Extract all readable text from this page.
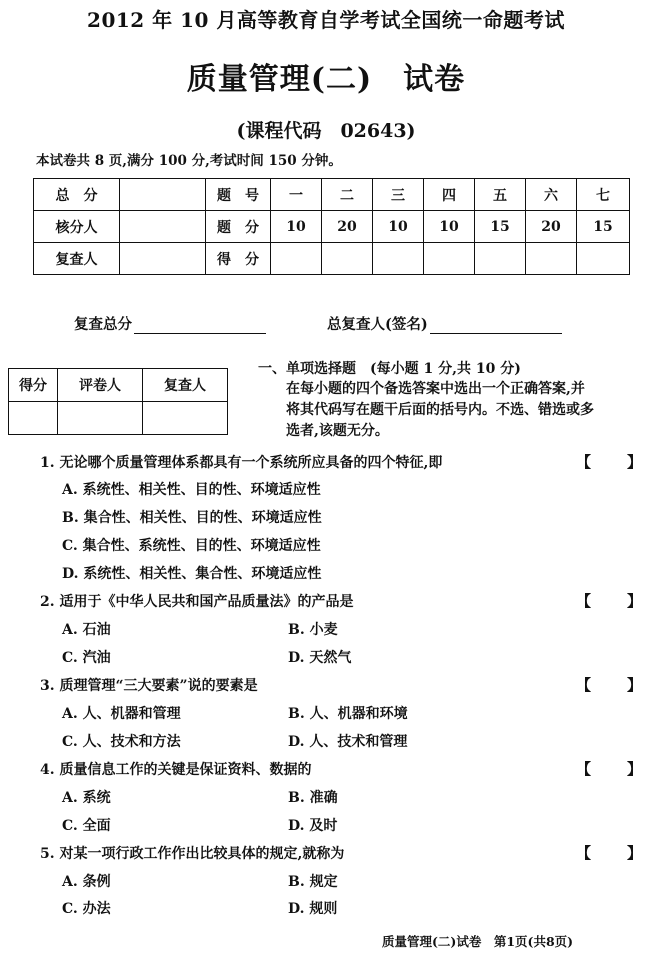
2012 年 10 月高等教育自学考试全国统一命题考试
质量管理(二)　试卷
(课程代码　02643)
本试卷共 8 页,满分 100 分,考试时间 150 分钟。
总　分		题　号	一	二	三	四	五	六	七
核分人		题　分	10	20	10	10	15	20	15
复查人		得　分							
复查总分	总复查人(签名)
得分	评卷人	复查人

一、单项选择题　(每小题 1 分,共 10 分)
在每小题的四个备选答案中选出一个正确答案,并
将其代码写在题干后面的括号内。不选、错选或多
选者,该题无分。
1. 无论哪个质量管理体系都具有一个系统所应具备的四个特征,即	【 】
A. 系统性、相关性、目的性、环境适应性
B. 集合性、相关性、目的性、环境适应性
C. 集合性、系统性、目的性、环境适应性
D. 系统性、相关性、集合性、环境适应性
2. 适用于《中华人民共和国产品质量法》的产品是	【 】
A. 石油	B. 小麦
C. 汽油	D. 天然气
3. 质理管理“三大要素”说的要素是	【 】
A. 人、机器和管理	B. 人、机器和环境
C. 人、技术和方法	D. 人、技术和管理
4. 质量信息工作的关键是保证资料、数据的	【 】
A. 系统	B. 准确
C. 全面	D. 及时
5. 对某一项行政工作作出比较具体的规定,就称为	【 】
A. 条例	B. 规定
C. 办法	D. 规则
质量管理(二)试卷　第1页(共8页)
